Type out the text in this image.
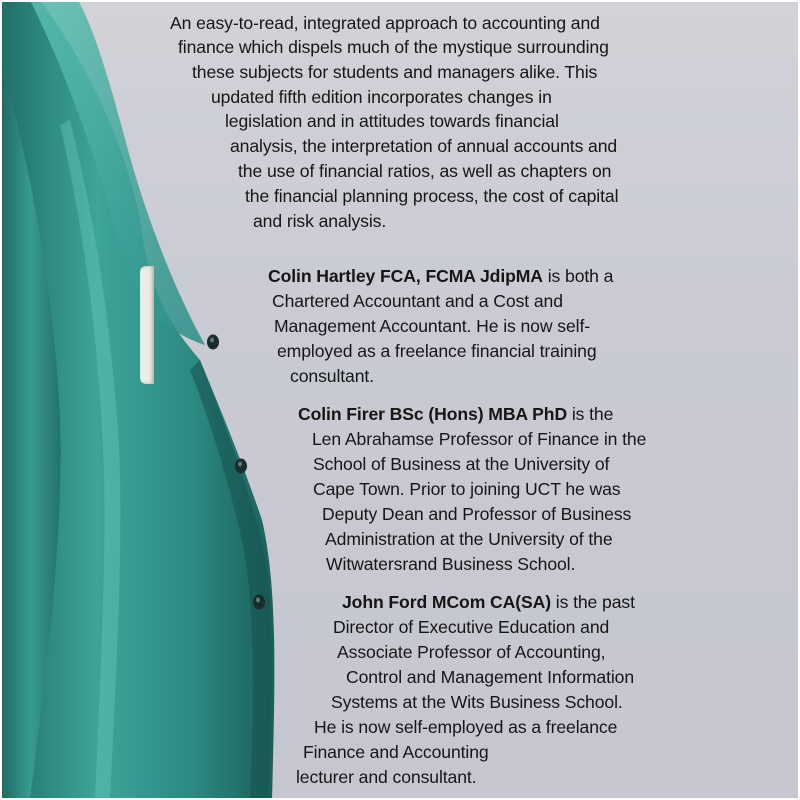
An easy-to-read, integrated approach to accounting and
finance which dispels much of the mystique surrounding
these subjects for students and managers alike. This
updated fifth edition incorporates changes in
legislation and in attitudes towards financial
analysis, the interpretation of annual accounts and
the use of financial ratios, as well as chapters on
the financial planning process, the cost of capital
and risk analysis.
Colin Hartley FCA, FCMA JdipMA is both a
Chartered Accountant and a Cost and
Management Accountant. He is now self-
employed as a freelance financial training
consultant.
Colin Firer BSc (Hons) MBA PhD is the
Len Abrahamse Professor of Finance in the
School of Business at the University of
Cape Town. Prior to joining UCT he was
Deputy Dean and Professor of Business
Administration at the University of the
Witwatersrand Business School.
John Ford MCom CA(SA) is the past
Director of Executive Education and
Associate Professor of Accounting,
Control and Management Information
Systems at the Wits Business School.
He is now self-employed as a freelance
Finance and Accounting
lecturer and consultant.
